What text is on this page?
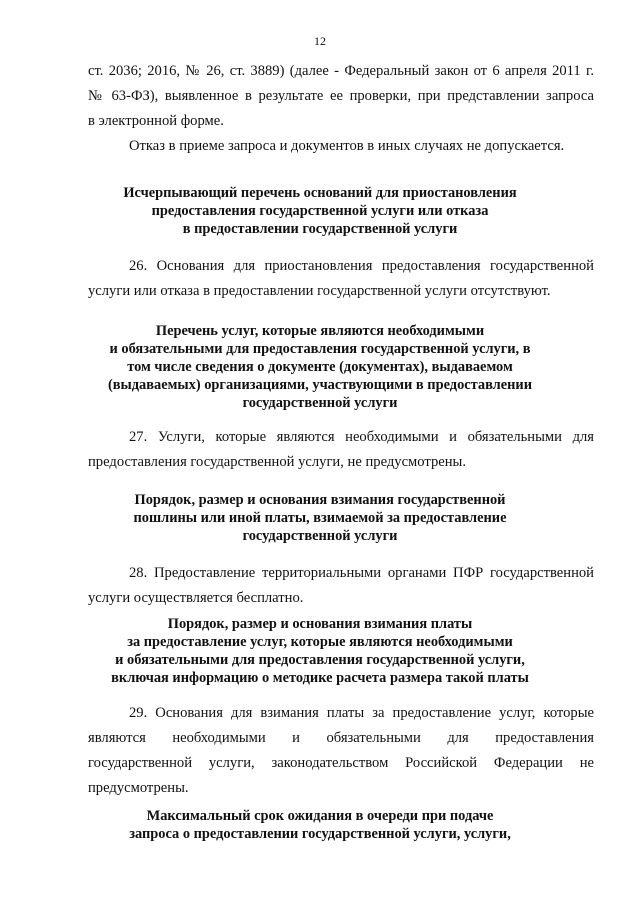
12
ст. 2036; 2016, № 26, ст. 3889) (далее - Федеральный закон от 6 апреля 2011 г.
№ 63-ФЗ), выявленное в результате ее проверки, при представлении запроса
в электронной форме.
Отказ в приеме запроса и документов в иных случаях не допускается.
Исчерпывающий перечень оснований для приостановления
предоставления государственной услуги или отказа
в предоставлении государственной услуги
26. Основания для приостановления предоставления государственной
услуги или отказа в предоставлении государственной услуги отсутствуют.
Перечень услуг, которые являются необходимыми
и обязательными для предоставления государственной услуги, в
том числе сведения о документе (документах), выдаваемом
(выдаваемых) организациями, участвующими в предоставлении
государственной услуги
27. Услуги, которые являются необходимыми и обязательными для
предоставления государственной услуги, не предусмотрены.
Порядок, размер и основания взимания государственной
пошлины или иной платы, взимаемой за предоставление
государственной услуги
28. Предоставление территориальными органами ПФР государственной
услуги осуществляется бесплатно.
Порядок, размер и основания взимания платы
за предоставление услуг, которые являются необходимыми
и обязательными для предоставления государственной услуги,
включая информацию о методике расчета размера такой платы
29. Основания для взимания платы за предоставление услуг, которые
являются необходимыми и обязательными для предоставления
государственной услуги, законодательством Российской Федерации не
предусмотрены.
Максимальный срок ожидания в очереди при подаче
запроса о предоставлении государственной услуги, услуги,
